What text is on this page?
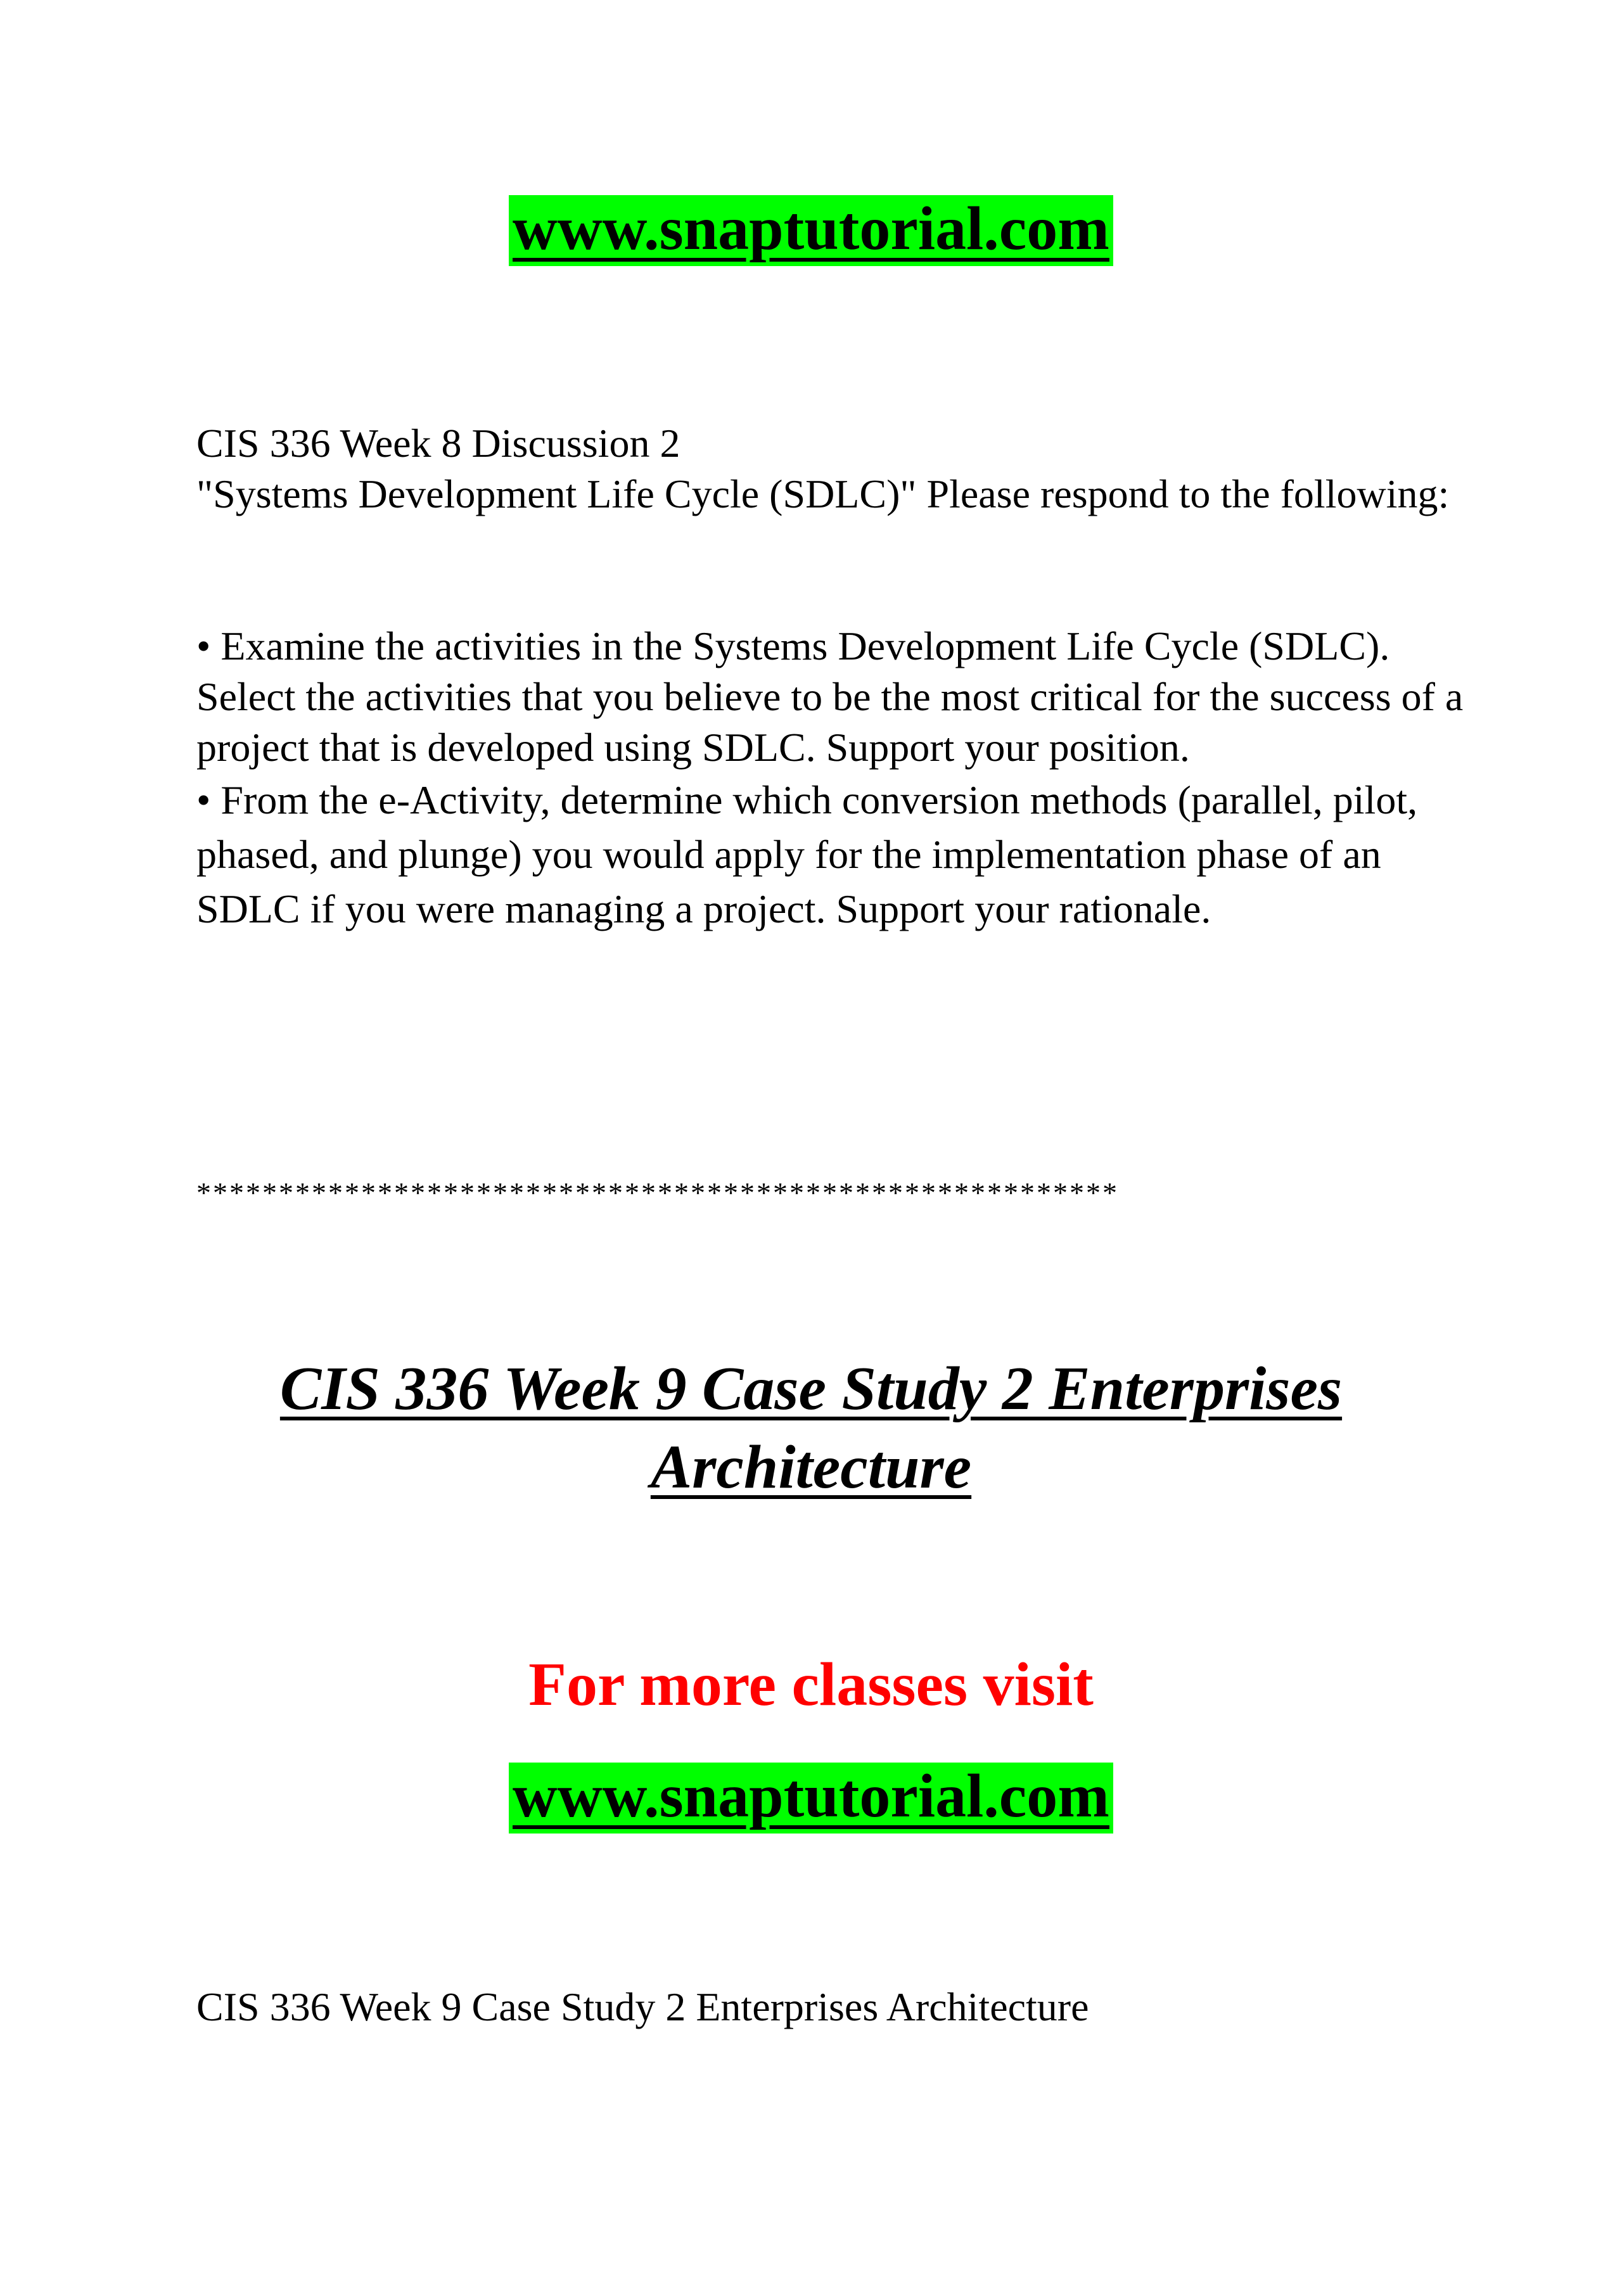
www.snaptutorial.com
CIS 336 Week 8 Discussion 2
"Systems Development Life Cycle (SDLC)" Please respond to the following:

• Examine the activities in the Systems Development Life Cycle (SDLC). Select the activities that you believe to be the most critical for the success of a project that is developed using SDLC. Support your position.

• From the e-Activity, determine which conversion methods (parallel, pilot, phased, and plunge) you would apply for the implementation phase of an SDLC if you were managing a project. Support your rationale.

********************************************************
CIS 336 Week 9 Case Study 2 Enterprises
Architecture
For more classes visit
www.snaptutorial.com
CIS 336 Week 9 Case Study 2 Enterprises Architecture
